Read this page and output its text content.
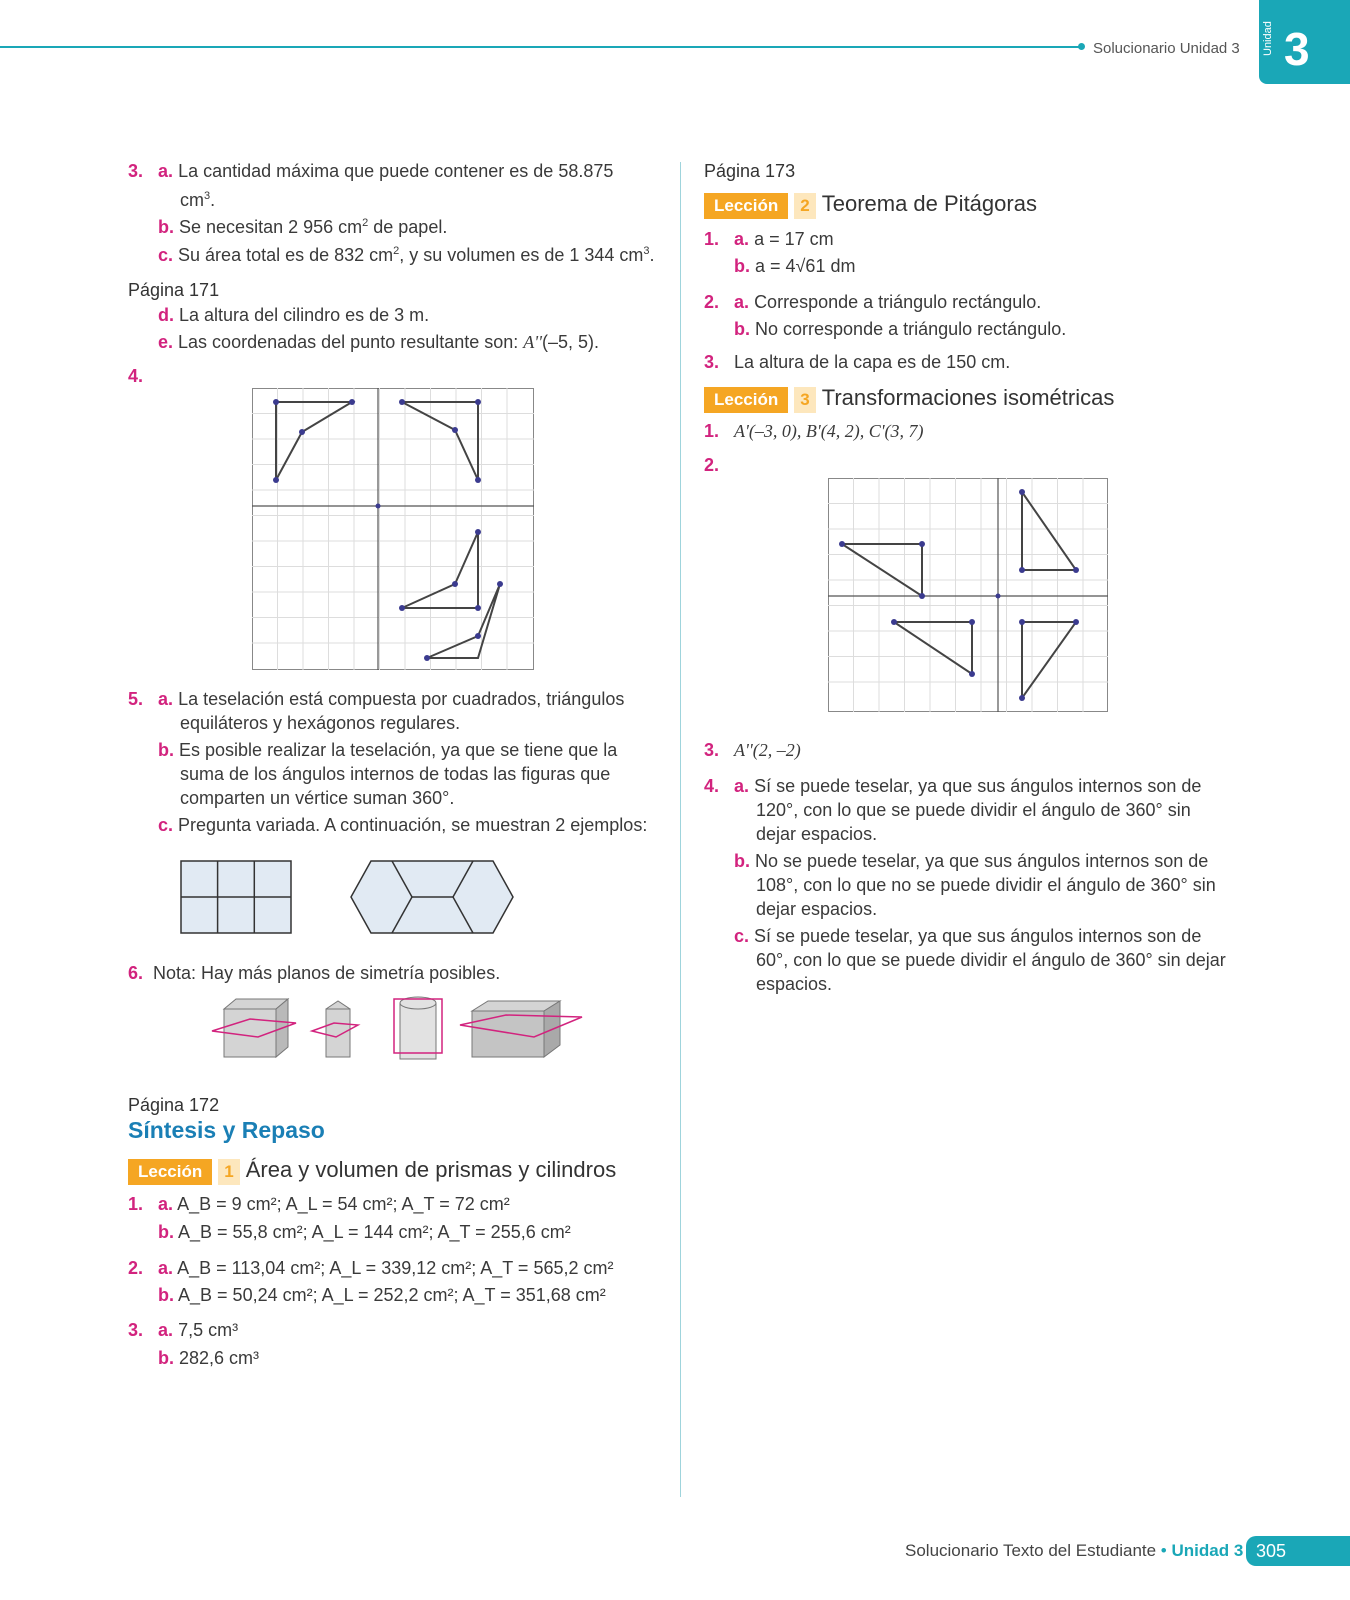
Solucionario Unidad 3 Unidad 3
3. a. La cantidad máxima que puede contener es de 58.875
$cm^3$.
b. Se necesitan 2 956 $cm^2$ de papel.
c. Su área total es de 832 $cm^2$, y su volumen es de 1 344 $cm^3$.
Página 171
d. La altura del cilindro es de 3 m.
e. Las coordenadas del punto resultante son: A''(–5, 5).
4.
5. a. La teselación está compuesta por cuadrados, triángulos
equiláteros y hexágonos regulares.
b. Es posible realizar la teselación, ya que se tiene que la
suma de los ángulos internos de todas las figuras que
comparten un vértice suman 360°.
c. Pregunta variada. A continuación, se muestran 2 ejemplos:
6. Nota: Hay más planos de simetría posibles.
Página 172
Síntesis y Repaso
Lección 1 Área y volumen de prismas y cilindros
1. a. A_B = 9 cm²; A_L = 54 cm²; A_T = 72 cm²
b. A_B = 55,8 cm²; A_L = 144 cm²; A_T = 255,6 cm²
2. a. A_B = 113,04 cm²; A_L = 339,12 cm²; A_T = 565,2 cm²
b. A_B = 50,24 cm²; A_L = 252,2 cm²; A_T = 351,68 cm²
3. a. 7,5 cm³
b. 282,6 cm³
Página 173
Lección 2 Teorema de Pitágoras
1. a. a = 17 cm
b. a = 4√61 dm
2. a. Corresponde a triángulo rectángulo.
b. No corresponde a triángulo rectángulo.
3. La altura de la capa es de 150 cm.
Lección 3 Transformaciones isométricas
1. A'(–3, 0), B'(4, 2), C'(3, 7)
2.
3. A''(2, –2)
4. a. Sí se puede teselar, ya que sus ángulos internos son de
120°, con lo que se puede dividir el ángulo de 360° sin
dejar espacios.
b. No se puede teselar, ya que sus ángulos internos son de
108°, con lo que no se puede dividir el ángulo de 360° sin
dejar espacios.
c. Sí se puede teselar, ya que sus ángulos internos son de
60°, con lo que se puede dividir el ángulo de 360° sin dejar
espacios.
Solucionario Texto del Estudiante • Unidad 3 305
